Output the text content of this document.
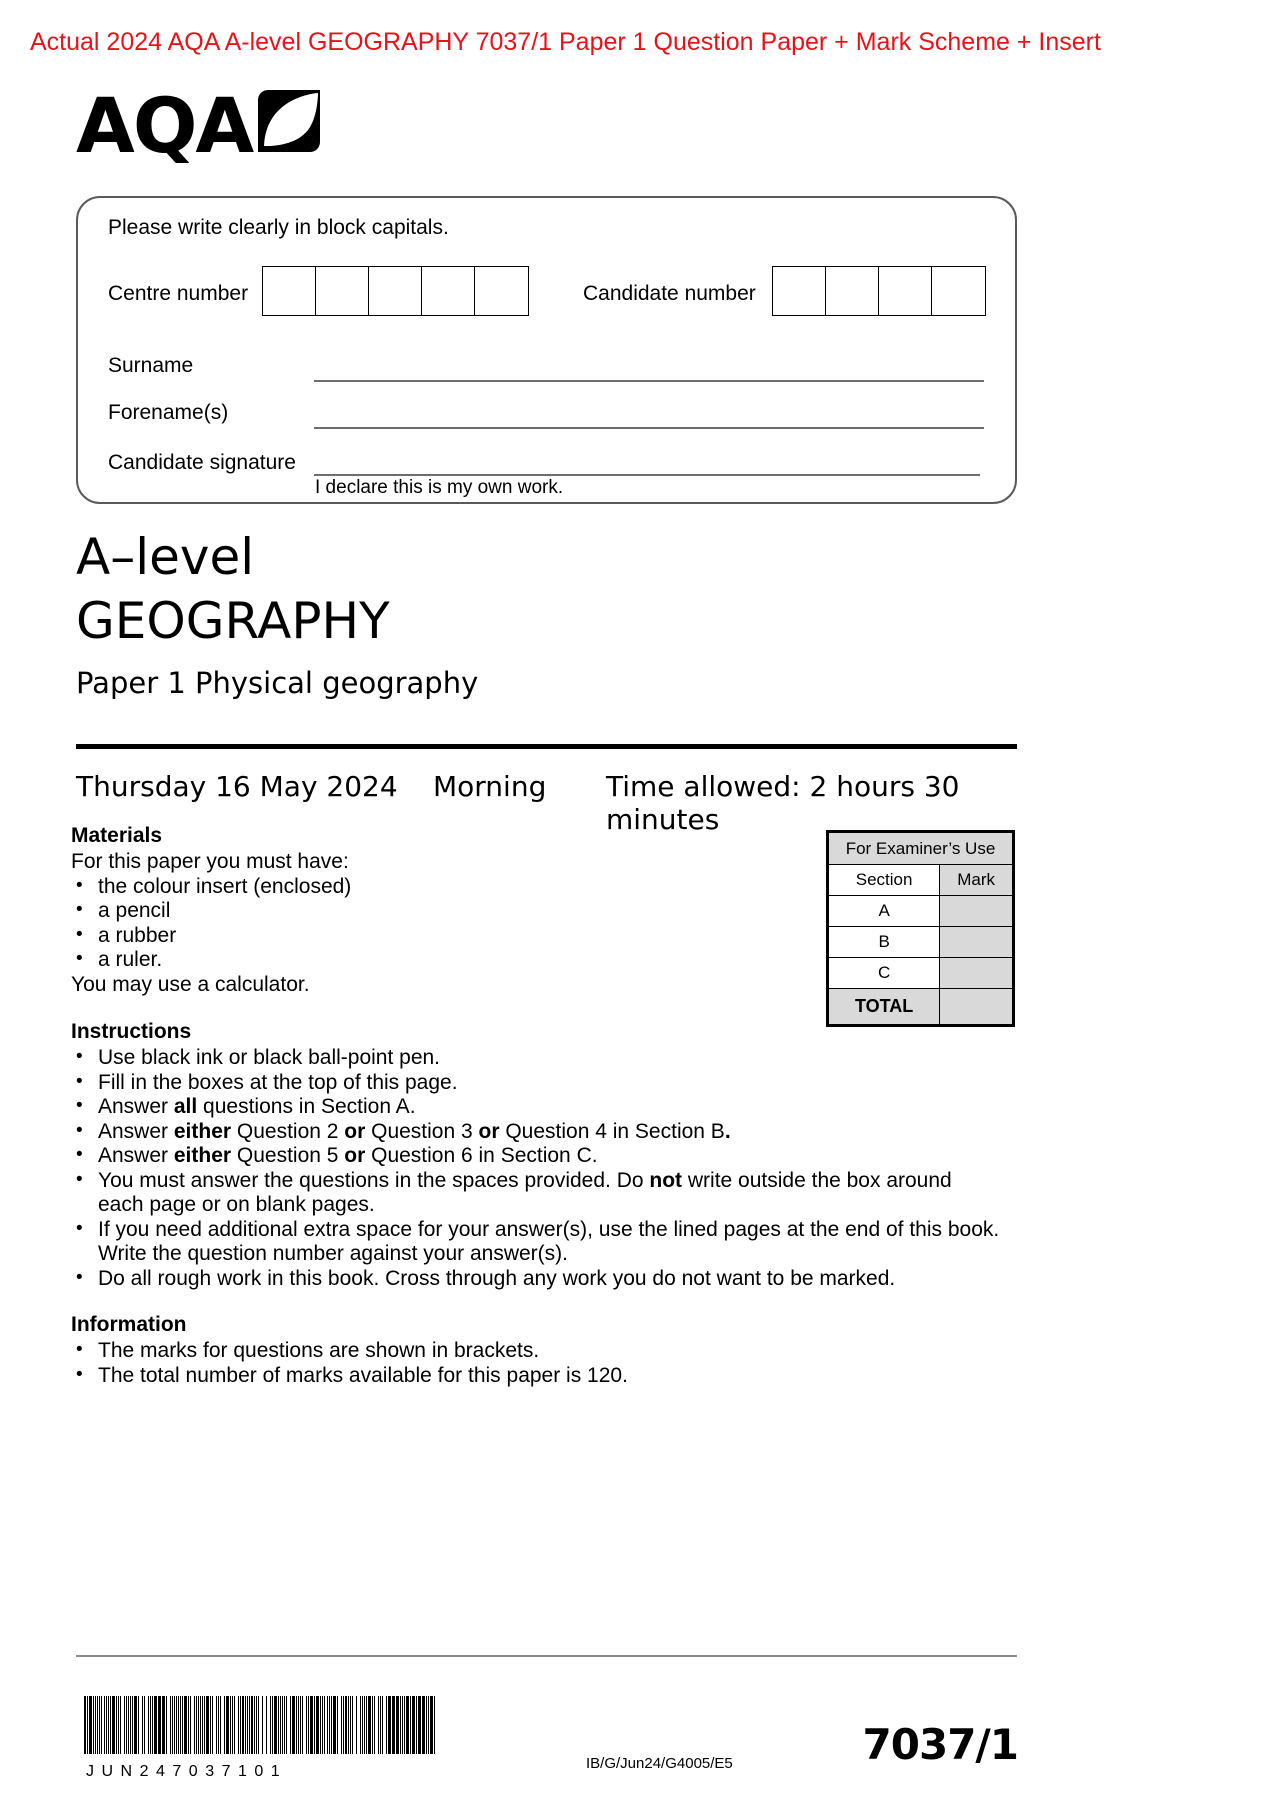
Actual 2024 AQA A-level GEOGRAPHY 7037/1 Paper 1 Question Paper + Mark Scheme + Insert
AQA
Please write clearly in block capitals.
Centre number	Candidate number
Surname
Forename(s)
Candidate signature
I declare this is my own work.
A–level
GEOGRAPHY
Paper 1 Physical geography
Thursday 16 May 2024 Morning Time allowed: 2 hours 30 minutes
Materials
For this paper you must have:
• the colour insert (enclosed)
• a pencil
• a rubber
• a ruler.
You may use a calculator.
For Examiner’s Use	
Section	Mark
A	
B	
C	
TOTAL	
Instructions
• Use black ink or black ball-point pen.
• Fill in the boxes at the top of this page.
• Answer all questions in Section A.
• Answer either Question 2 or Question 3 or Question 4 in Section B.
• Answer either Question 5 or Question 6 in Section C.
• You must answer the questions in the spaces provided. Do not write outside the box around each page or on blank pages.
• If you need additional extra space for your answer(s), use the lined pages at the end of this book. Write the question number against your answer(s).
• Do all rough work in this book. Cross through any work you do not want to be marked.
Information
• The marks for questions are shown in brackets.
• The total number of marks available for this paper is 120.
JUN247037101	IB/G/Jun24/G4005/E5	7037/1
